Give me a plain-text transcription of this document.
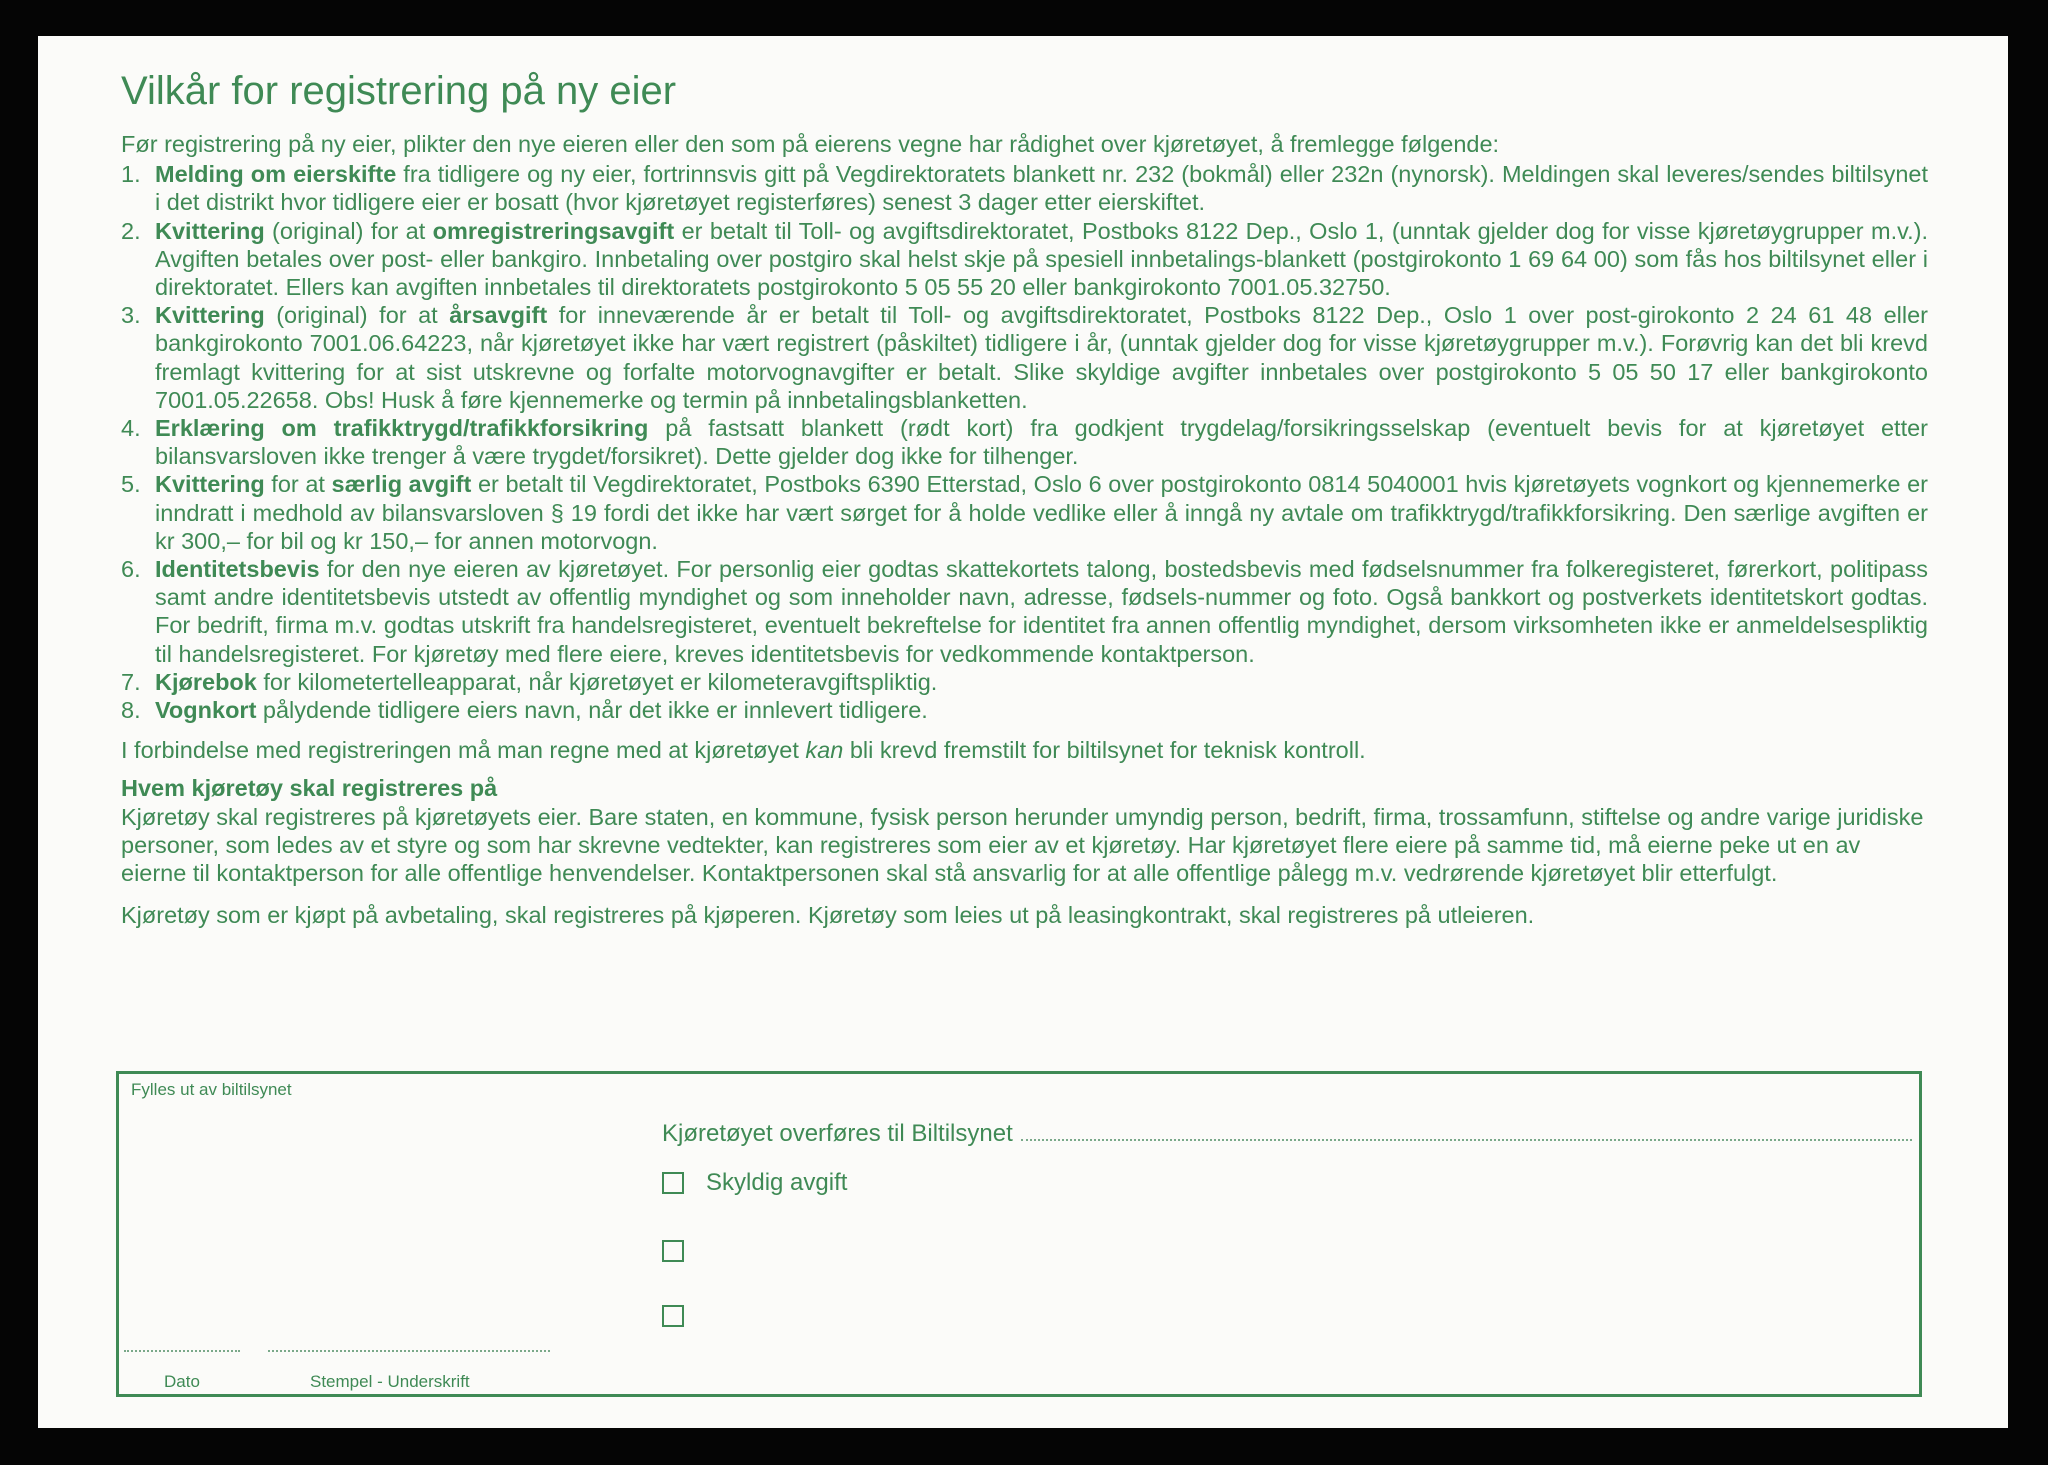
Vilkår for registrering på ny eier
Før registrering på ny eier, plikter den nye eieren eller den som på eierens vegne har rådighet over kjøretøyet, å fremlegge følgende:
1. Melding om eierskifte fra tidligere og ny eier, fortrinnsvis gitt på Vegdirektoratets blankett nr. 232 (bokmål) eller 232n (nynorsk). Meldingen skal leveres/sendes biltilsynet i det distrikt hvor tidligere eier er bosatt (hvor kjøretøyet registerføres) senest 3 dager etter eierskiftet.
2. Kvittering (original) for at omregistreringsavgift er betalt til Toll- og avgiftsdirektoratet, Postboks 8122 Dep., Oslo 1, (unntak gjelder dog for visse kjøretøygrupper m.v.). Avgiften betales over post- eller bankgiro. Innbetaling over postgiro skal helst skje på spesiell innbetalings-blankett (postgirokonto 1 69 64 00) som fås hos biltilsynet eller i direktoratet. Ellers kan avgiften innbetales til direktoratets postgirokonto 5 05 55 20 eller bankgirokonto 7001.05.32750.
3. Kvittering (original) for at årsavgift for inneværende år er betalt til Toll- og avgiftsdirektoratet, Postboks 8122 Dep., Oslo 1 over post-girokonto 2 24 61 48 eller bankgirokonto 7001.06.64223, når kjøretøyet ikke har vært registrert (påskiltet) tidligere i år, (unntak gjelder dog for visse kjøretøygrupper m.v.). Forøvrig kan det bli krevd fremlagt kvittering for at sist utskrevne og forfalte motorvognavgifter er betalt. Slike skyldige avgifter innbetales over postgirokonto 5 05 50 17 eller bankgirokonto 7001.05.22658. Obs! Husk å føre kjennemerke og termin på innbetalingsblanketten.
4. Erklæring om trafikktrygd/trafikkforsikring på fastsatt blankett (rødt kort) fra godkjent trygdelag/forsikringsselskap (eventuelt bevis for at kjøretøyet etter bilansvarsloven ikke trenger å være trygdet/forsikret). Dette gjelder dog ikke for tilhenger.
5. Kvittering for at særlig avgift er betalt til Vegdirektoratet, Postboks 6390 Etterstad, Oslo 6 over postgirokonto 0814 5040001 hvis kjøretøyets vognkort og kjennemerke er inndratt i medhold av bilansvarsloven § 19 fordi det ikke har vært sørget for å holde vedlike eller å inngå ny avtale om trafikktrygd/trafikkforsikring. Den særlige avgiften er kr 300,– for bil og kr 150,– for annen motorvogn.
6. Identitetsbevis for den nye eieren av kjøretøyet. For personlig eier godtas skattekortets talong, bostedsbevis med fødselsnummer fra folkeregisteret, førerkort, politipass samt andre identitetsbevis utstedt av offentlig myndighet og som inneholder navn, adresse, fødsels-nummer og foto. Også bankkort og postverkets identitetskort godtas. For bedrift, firma m.v. godtas utskrift fra handelsregisteret, eventuelt bekreftelse for identitet fra annen offentlig myndighet, dersom virksomheten ikke er anmeldelsespliktig til handelsregisteret. For kjøretøy med flere eiere, kreves identitetsbevis for vedkommende kontaktperson.
7. Kjørebok for kilometertelleapparat, når kjøretøyet er kilometeravgiftspliktig.
8. Vognkort pålydende tidligere eiers navn, når det ikke er innlevert tidligere.
I forbindelse med registreringen må man regne med at kjøretøyet kan bli krevd fremstilt for biltilsynet for teknisk kontroll.
Hvem kjøretøy skal registreres på
Kjøretøy skal registreres på kjøretøyets eier. Bare staten, en kommune, fysisk person herunder umyndig person, bedrift, firma, trossamfunn, stiftelse og andre varige juridiske personer, som ledes av et styre og som har skrevne vedtekter, kan registreres som eier av et kjøretøy. Har kjøretøyet flere eiere på samme tid, må eierne peke ut en av eierne til kontaktperson for alle offentlige henvendelser. Kontaktpersonen skal stå ansvarlig for at alle offentlige pålegg m.v. vedrørende kjøretøyet blir etterfulgt.
Kjøretøy som er kjøpt på avbetaling, skal registreres på kjøperen. Kjøretøy som leies ut på leasingkontrakt, skal registreres på utleieren.
Fylles ut av biltilsynet
Kjøretøyet overføres til Biltilsynet
Skyldig avgift
Dato	Stempel - Underskrift
